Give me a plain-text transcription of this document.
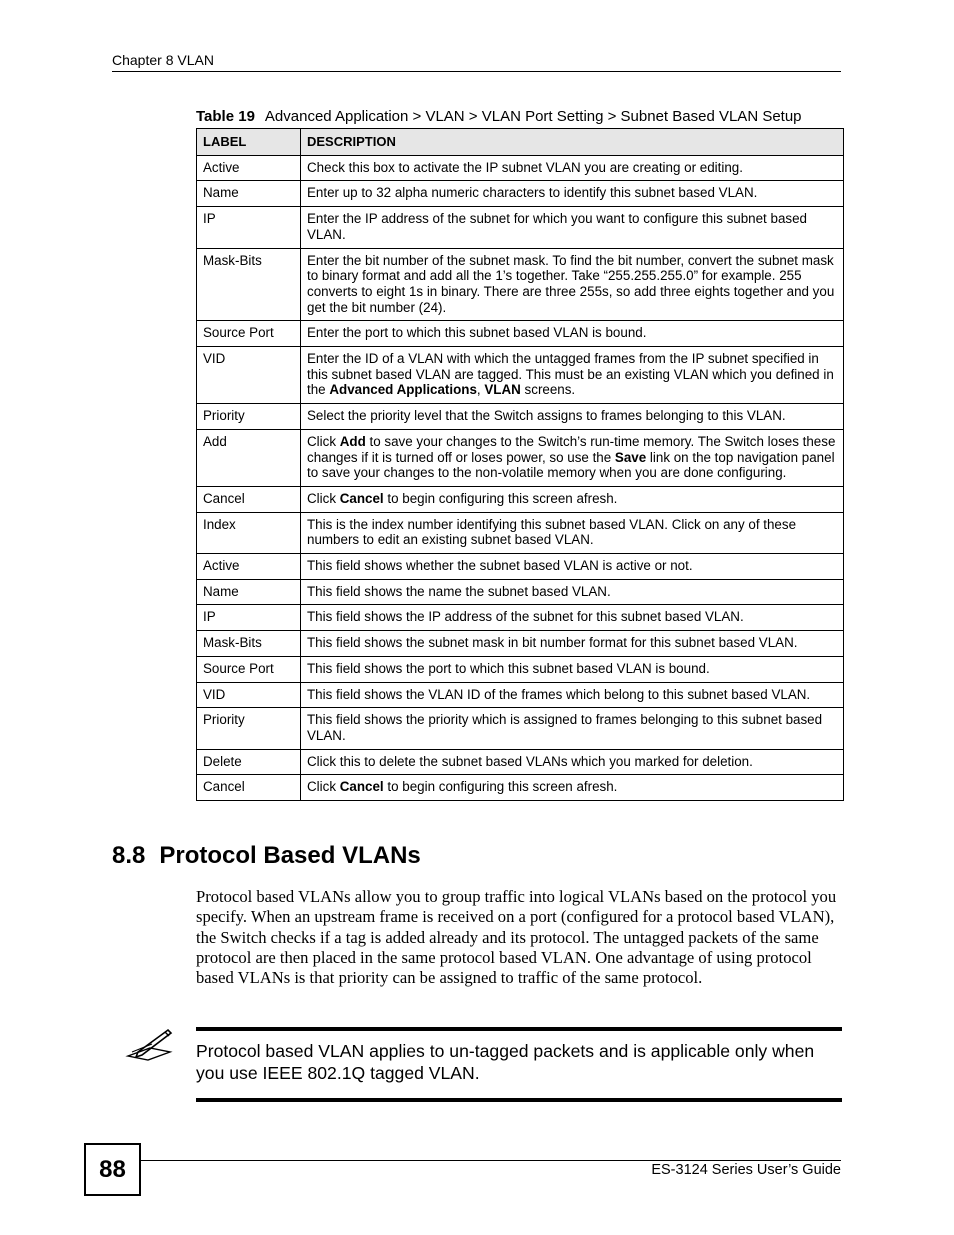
Chapter 8 VLAN
Table 19 Advanced Application > VLAN > VLAN Port Setting > Subnet Based VLAN Setup
LABEL	DESCRIPTION
Active	Check this box to activate the IP subnet VLAN you are creating or editing.
Name	Enter up to 32 alpha numeric characters to identify this subnet based VLAN.
IP	Enter the IP address of the subnet for which you want to configure this subnet based VLAN.
Mask-Bits	Enter the bit number of the subnet mask. To find the bit number, convert the subnet mask to binary format and add all the 1’s together. Take “255.255.255.0” for example. 255 converts to eight 1s in binary. There are three 255s, so add three eights together and you get the bit number (24).
Source Port	Enter the port to which this subnet based VLAN is bound.
VID	Enter the ID of a VLAN with which the untagged frames from the IP subnet specified in this subnet based VLAN are tagged. This must be an existing VLAN which you defined in the Advanced Applications, VLAN screens.
Priority	Select the priority level that the Switch assigns to frames belonging to this VLAN.
Add	Click Add to save your changes to the Switch’s run-time memory. The Switch loses these changes if it is turned off or loses power, so use the Save link on the top navigation panel to save your changes to the non-volatile memory when you are done configuring.
Cancel	Click Cancel to begin configuring this screen afresh.
Index	This is the index number identifying this subnet based VLAN. Click on any of these numbers to edit an existing subnet based VLAN.
Active	This field shows whether the subnet based VLAN is active or not.
Name	This field shows the name the subnet based VLAN.
IP	This field shows the IP address of the subnet for this subnet based VLAN.
Mask-Bits	This field shows the subnet mask in bit number format for this subnet based VLAN.
Source Port	This field shows the port to which this subnet based VLAN is bound.
VID	This field shows the VLAN ID of the frames which belong to this subnet based VLAN.
Priority	This field shows the priority which is assigned to frames belonging to this subnet based VLAN.
Delete	Click this to delete the subnet based VLANs which you marked for deletion.
Cancel	Click Cancel to begin configuring this screen afresh.
8.8 Protocol Based VLANs
Protocol based VLANs allow you to group traffic into logical VLANs based on the protocol you specify. When an upstream frame is received on a port (configured for a protocol based VLAN), the Switch checks if a tag is added already and its protocol. The untagged packets of the same protocol are then placed in the same protocol based VLAN. One advantage of using protocol based VLANs is that priority can be assigned to traffic of the same protocol.
Protocol based VLAN applies to un-tagged packets and is applicable only when you use IEEE 802.1Q tagged VLAN.
88	ES-3124 Series User’s Guide
